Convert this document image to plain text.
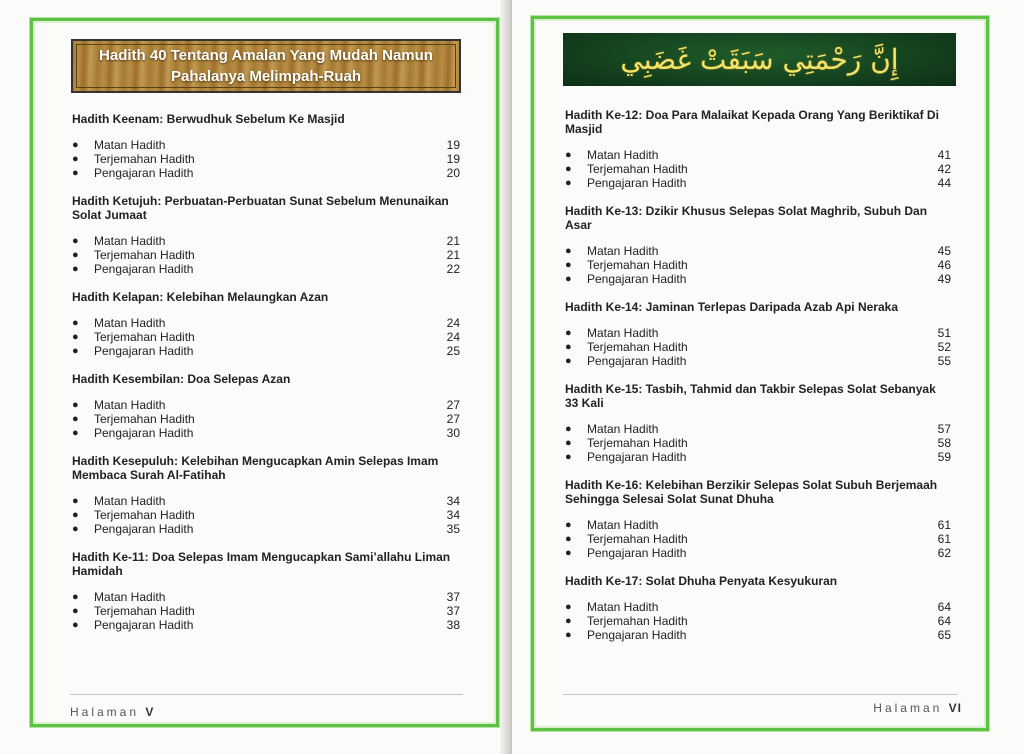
Hadith 40 Tentang Amalan Yang Mudah Namun
Pahalanya Melimpah-Ruah
Hadith Keenam: Berwudhuk Sebelum Ke Masjid
●	Matan Hadith	19
●	Terjemahan Hadith	19
●	Pengajaran Hadith	20
Hadith Ketujuh: Perbuatan-Perbuatan Sunat Sebelum Menunaikan Solat Jumaat
●	Matan Hadith	21
●	Terjemahan Hadith	21
●	Pengajaran Hadith	22
Hadith Kelapan: Kelebihan Melaungkan Azan
●	Matan Hadith	24
●	Terjemahan Hadith	24
●	Pengajaran Hadith	25
Hadith Kesembilan: Doa Selepas Azan
●	Matan Hadith	27
●	Terjemahan Hadith	27
●	Pengajaran Hadith	30
Hadith Kesepuluh: Kelebihan Mengucapkan Amin Selepas Imam Membaca Surah Al-Fatihah
●	Matan Hadith	34
●	Terjemahan Hadith	34
●	Pengajaran Hadith	35
Hadith Ke-11: Doa Selepas Imam Mengucapkan Sami’allahu Liman Hamidah
●	Matan Hadith	37
●	Terjemahan Hadith	37
●	Pengajaran Hadith	38
Halaman V
إِنَّ رَحْمَتِي سَبَقَتْ غَضَبِي
Hadith Ke-12: Doa Para Malaikat Kepada Orang Yang Beriktikaf Di Masjid
●	Matan Hadith	41
●	Terjemahan Hadith	42
●	Pengajaran Hadith	44
Hadith Ke-13: Dzikir Khusus Selepas Solat Maghrib, Subuh Dan Asar
●	Matan Hadith	45
●	Terjemahan Hadith	46
●	Pengajaran Hadith	49
Hadith Ke-14: Jaminan Terlepas Daripada Azab Api Neraka
●	Matan Hadith	51
●	Terjemahan Hadith	52
●	Pengajaran Hadith	55
Hadith Ke-15: Tasbih, Tahmid dan Takbir Selepas Solat Sebanyak 33 Kali
●	Matan Hadith	57
●	Terjemahan Hadith	58
●	Pengajaran Hadith	59
Hadith Ke-16: Kelebihan Berzikir Selepas Solat Subuh Berjemaah Sehingga Selesai Solat Sunat Dhuha
●	Matan Hadith	61
●	Terjemahan Hadith	61
●	Pengajaran Hadith	62
Hadith Ke-17: Solat Dhuha Penyata Kesyukuran
●	Matan Hadith	64
●	Terjemahan Hadith	64
●	Pengajaran Hadith	65
Halaman VI
